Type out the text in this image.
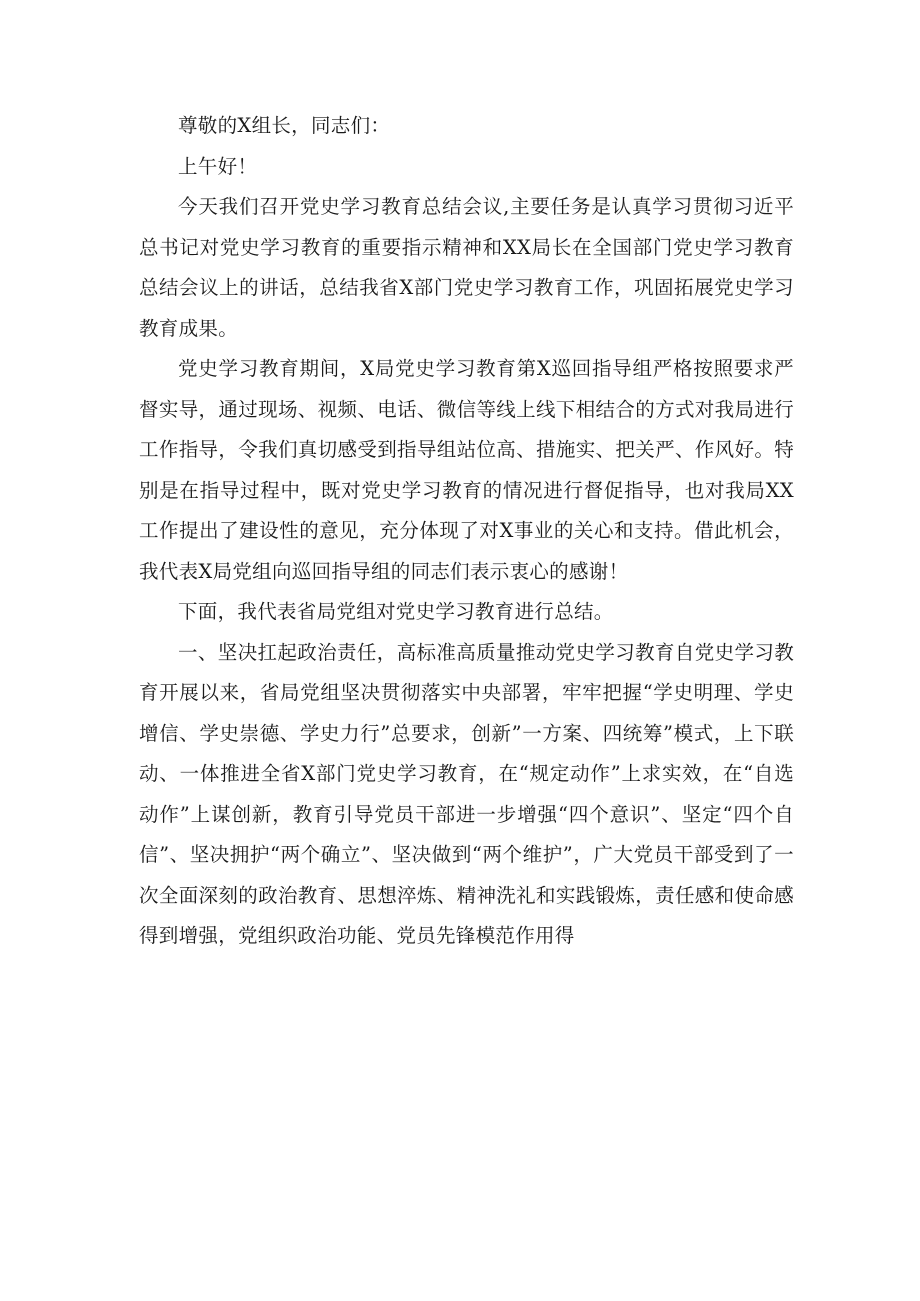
尊敬的X组长，同志们：

上午好！

今天我们召开党史学习教育总结会议,主要任务是认真学习贯彻习近平总书记对党史学习教育的重要指示精神和XX局长在全国部门党史学习教育总结会议上的讲话，总结我省X部门党史学习教育工作，巩固拓展党史学习教育成果。

党史学习教育期间，X局党史学习教育第X巡回指导组严格按照要求严督实导，通过现场、视频、电话、微信等线上线下相结合的方式对我局进行工作指导，令我们真切感受到指导组站位高、措施实、把关严、作风好。特别是在指导过程中，既对党史学习教育的情况进行督促指导，也对我局XX工作提出了建设性的意见，充分体现了对X事业的关心和支持。借此机会，我代表X局党组向巡回指导组的同志们表示衷心的感谢！

下面，我代表省局党组对党史学习教育进行总结。

一、坚决扛起政治责任，高标准高质量推动党史学习教育自党史学习教育开展以来，省局党组坚决贯彻落实中央部署，牢牢把握“学史明理、学史增信、学史崇德、学史力行”总要求，创新”一方案、四统筹”模式，上下联动、一体推进全省X部门党史学习教育，在“规定动作”上求实效，在“自选动作”上谋创新，教育引导党员干部进一步增强“四个意识”、坚定“四个自信”、坚决拥护“两个确立”、坚决做到“两个维护”，广大党员干部受到了一次全面深刻的政治教育、思想淬炼、精神洗礼和实践锻炼，责任感和使命感得到增强，党组织政治功能、党员先锋模范作用得
